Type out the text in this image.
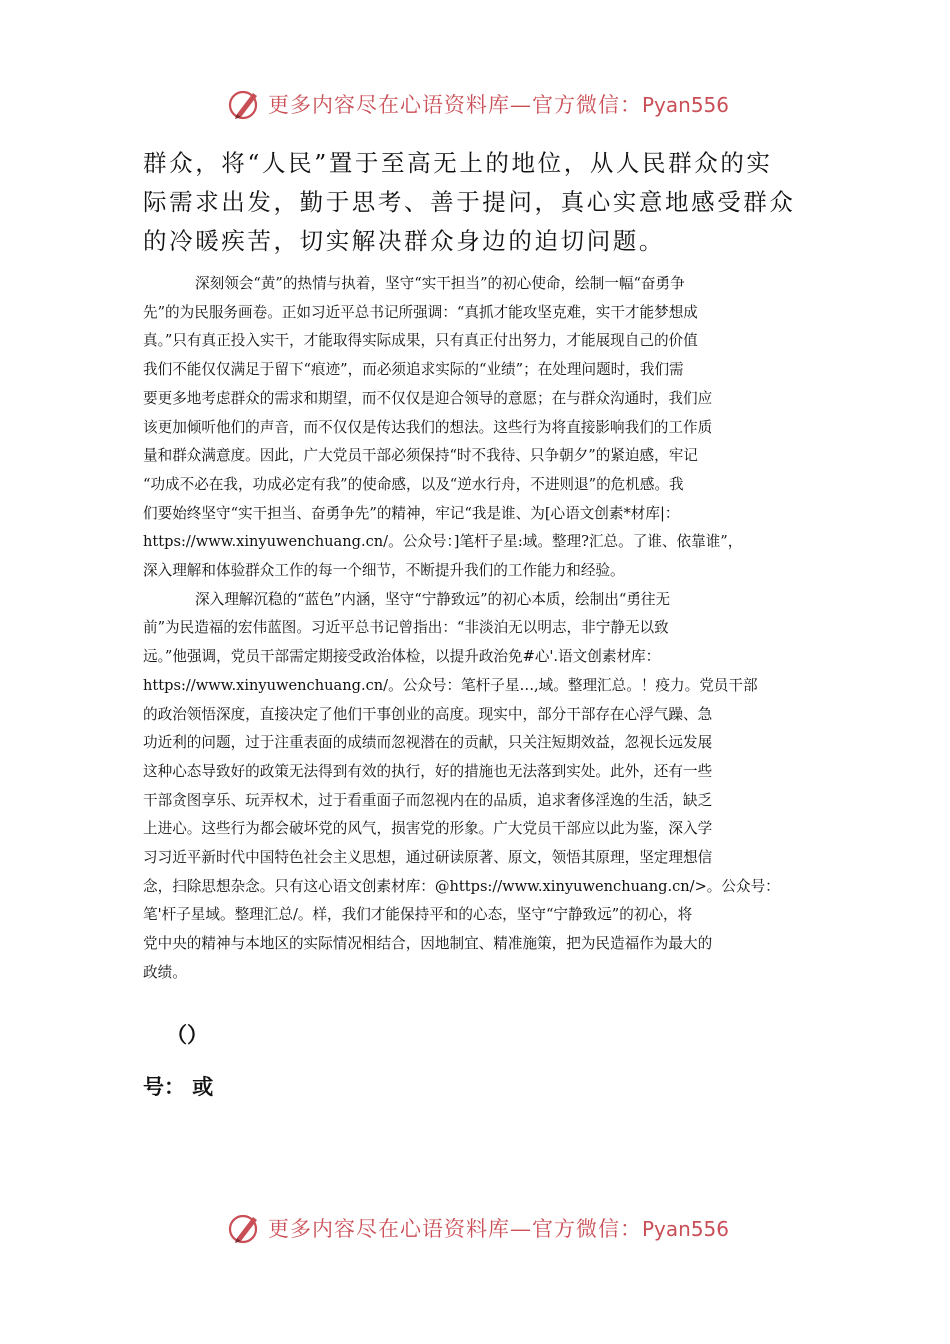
更多内容尽在心语资料库—官方微信：Pyan556

群众，将“人民”置于至高无上的地位，从人民群众的实

际需求出发，勤于思考、善于提问，真心实意地感受群众

的冷暖疾苦，切实解决群众身边的迫切问题。

深刻领会“黄”的热情与执着，坚守“实干担当”的初心使命，绘制一幅“奋勇争

先”的为民服务画卷。正如习近平总书记所强调：“真抓才能攻坚克难，实干才能梦想成

真。”只有真正投入实干，才能取得实际成果，只有真正付出努力，才能展现自己的价值

我们不能仅仅满足于留下“痕迹”，而必须追求实际的“业绩”；在处理问题时，我们需

要更多地考虑群众的需求和期望，而不仅仅是迎合领导的意愿；在与群众沟通时，我们应

该更加倾听他们的声音，而不仅仅是传达我们的想法。这些行为将直接影响我们的工作质

量和群众满意度。因此，广大党员干部必须保持“时不我待、只争朝夕”的紧迫感，牢记

“功成不必在我，功成必定有我”的使命感，以及“逆水行舟，不进则退”的危机感。我

们要始终坚守“实干担当、奋勇争先”的精神，牢记“我是谁、为[心语文创素*材库|：

https://www.xinyuwenchuang.cn/。公众号：]笔杆子星:域。整理?汇总。了谁、依靠谁”，

深入理解和体验群众工作的每一个细节，不断提升我们的工作能力和经验。

深入理解沉稳的“蓝色”内涵，坚守“宁静致远”的初心本质，绘制出“勇往无

前”为民造福的宏伟蓝图。习近平总书记曾指出：“非淡泊无以明志，非宁静无以致

远。”他强调，党员干部需定期接受政治体检，以提升政治免#心'.语文创素材库：

https://www.xinyuwenchuang.cn/。公众号：笔杆子星…,域。整理汇总。！疫力。党员干部

的政治领悟深度，直接决定了他们干事创业的高度。现实中，部分干部存在心浮气躁、急

功近利的问题，过于注重表面的成绩而忽视潜在的贡献，只关注短期效益，忽视长远发展

这种心态导致好的政策无法得到有效的执行，好的措施也无法落到实处。此外，还有一些

干部贪图享乐、玩弄权术，过于看重面子而忽视内在的品质，追求奢侈淫逸的生活，缺乏

上进心。这些行为都会破坏党的风气，损害党的形象。广大党员干部应以此为鉴，深入学

习习近平新时代中国特色社会主义思想，通过研读原著、原文，领悟其原理，坚定理想信

念，扫除思想杂念。只有这心语文创素材库：@https://www.xinyuwenchuang.cn/>。公众号：

笔'杆子星域。整理汇总/。样，我们才能保持平和的心态，坚守“宁静致远”的初心，将

党中央的精神与本地区的实际情况相结合，因地制宜、精准施策，把为民造福作为最大的

政绩。

（）
号： 或
更多内容尽在心语资料库—官方微信：Pyan556
